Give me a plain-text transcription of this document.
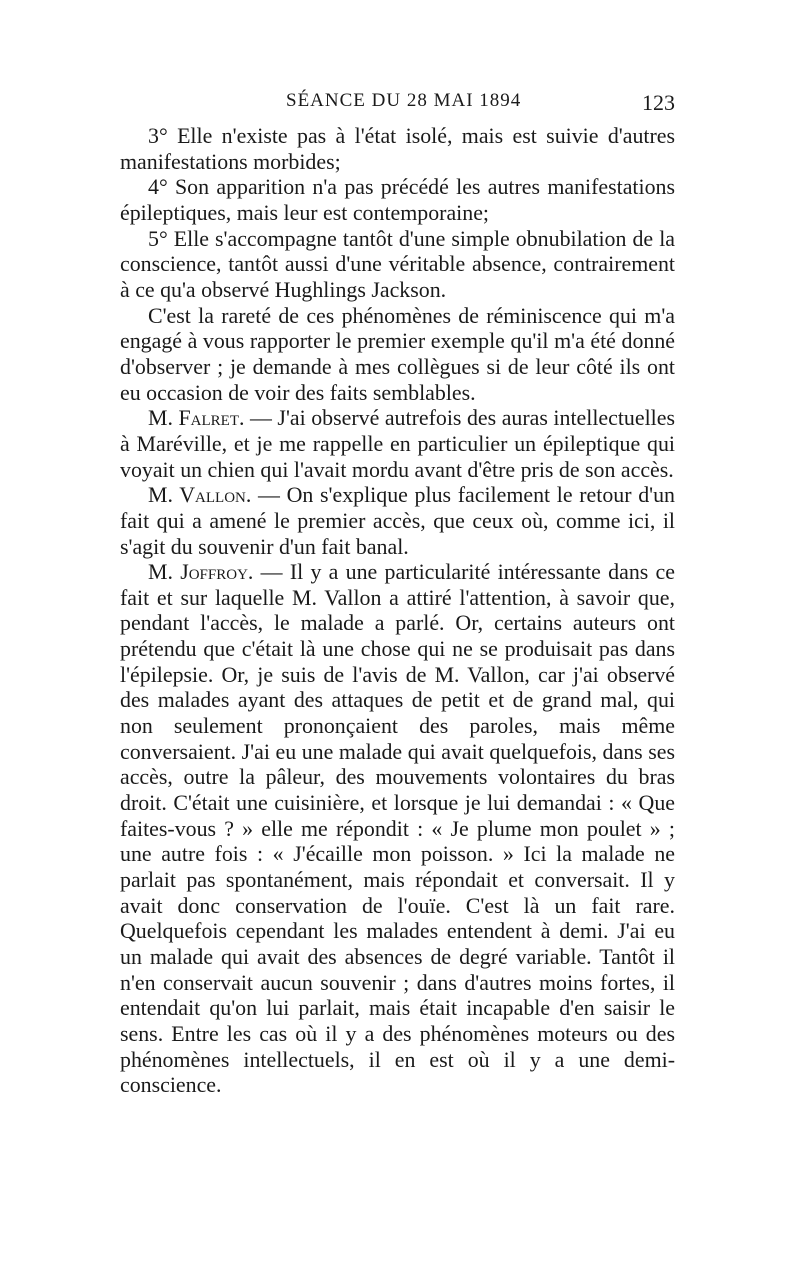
SÉANCE DU 28 MAI 1894	123

3° Elle n'existe pas à l'état isolé, mais est suivie d'autres manifestations morbides;

4° Son apparition n'a pas précédé les autres manifestations épileptiques, mais leur est contemporaine;

5° Elle s'accompagne tantôt d'une simple obnubilation de la conscience, tantôt aussi d'une véritable absence, contrairement à ce qu'a observé Hughlings Jackson.

C'est la rareté de ces phénomènes de réminiscence qui m'a engagé à vous rapporter le premier exemple qu'il m'a été donné d'observer ; je demande à mes collègues si de leur côté ils ont eu occasion de voir des faits semblables.

M. Falret. — J'ai observé autrefois des auras intellectuelles à Maréville, et je me rappelle en particulier un épileptique qui voyait un chien qui l'avait mordu avant d'être pris de son accès.

M. Vallon. — On s'explique plus facilement le retour d'un fait qui a amené le premier accès, que ceux où, comme ici, il s'agit du souvenir d'un fait banal.

M. Joffroy. — Il y a une particularité intéressante dans ce fait et sur laquelle M. Vallon a attiré l'attention, à savoir que, pendant l'accès, le malade a parlé. Or, certains auteurs ont prétendu que c'était là une chose qui ne se produisait pas dans l'épilepsie. Or, je suis de l'avis de M. Vallon, car j'ai observé des malades ayant des attaques de petit et de grand mal, qui non seulement prononçaient des paroles, mais même conversaient. J'ai eu une malade qui avait quelquefois, dans ses accès, outre la pâleur, des mouvements volontaires du bras droit. C'était une cuisinière, et lorsque je lui demandai : « Que faites-vous ? » elle me répondit : « Je plume mon poulet » ; une autre fois : « J'écaille mon poisson. » Ici la malade ne parlait pas spontanément, mais répondait et conversait. Il y avait donc conservation de l'ouïe. C'est là un fait rare. Quelquefois cependant les malades entendent à demi. J'ai eu un malade qui avait des absences de degré variable. Tantôt il n'en conservait aucun souvenir ; dans d'autres moins fortes, il entendait qu'on lui parlait, mais était incapable d'en saisir le sens. Entre les cas où il y a des phénomènes moteurs ou des phénomènes intellectuels, il en est où il y a une demi-conscience.
